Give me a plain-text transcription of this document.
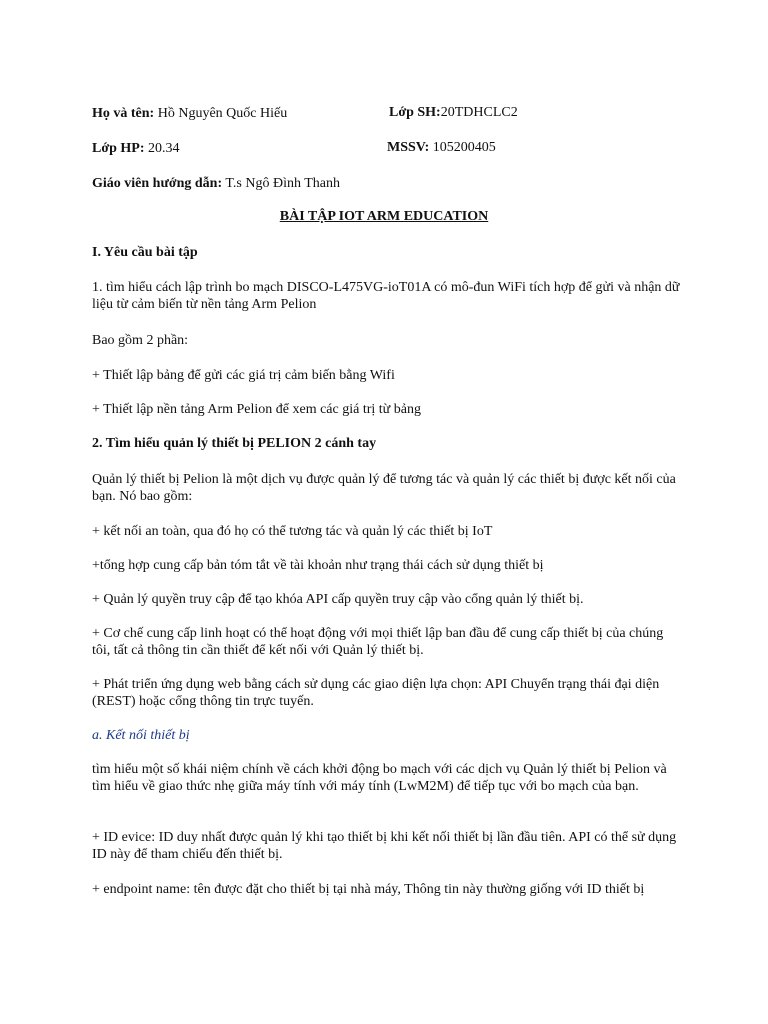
Họ và tên: Hồ Nguyên Quốc Hiếu	Lớp SH:20TDHCLC2
Lớp HP: 20.34	MSSV: 105200405
Giáo viên hướng dẫn: T.s Ngô Đình Thanh
BÀI TẬP IOT ARM EDUCATION
I. Yêu cầu bài tập
1. tìm hiểu cách lập trình bo mạch DISCO-L475VG-ioT01A có mô-đun WiFi tích hợp để gửi và nhận dữ liệu từ cảm biến từ nền tảng Arm Pelion
Bao gồm 2 phần:
+ Thiết lập bảng để gửi các giá trị cảm biến bằng Wifi
+ Thiết lập nền tảng Arm Pelion để xem các giá trị từ bảng
2. Tìm hiểu quản lý thiết bị PELION 2 cánh tay
Quản lý thiết bị Pelion là một dịch vụ được quản lý để tương tác và quản lý các thiết bị được kết nối của bạn. Nó bao gồm:
+ kết nối an toàn, qua đó họ có thể tương tác và quản lý các thiết bị IoT
+tổng hợp cung cấp bản tóm tắt về tài khoản như trạng thái cách sử dụng thiết bị
+ Quản lý quyền truy cập để tạo khóa API cấp quyền truy cập vào cổng quản lý thiết bị.
+ Cơ chế cung cấp linh hoạt có thể hoạt động với mọi thiết lập ban đầu để cung cấp thiết bị của chúng tôi, tất cả thông tin cần thiết để kết nối với Quản lý thiết bị.
+ Phát triển ứng dụng web bằng cách sử dụng các giao diện lựa chọn: API Chuyển trạng thái đại diện (REST) hoặc cổng thông tin trực tuyến.
a. Kết nối thiết bị
tìm hiểu một số khái niệm chính về cách khởi động bo mạch với các dịch vụ Quản lý thiết bị Pelion và tìm hiểu về giao thức nhẹ giữa máy tính với máy tính (LwM2M) để tiếp tục với bo mạch của bạn.
+ ID evice: ID duy nhất được quản lý khi tạo thiết bị khi kết nối thiết bị lần đầu tiên. API có thể sử dụng ID này để tham chiếu đến thiết bị.
+ endpoint name: tên được đặt cho thiết bị tại nhà máy, Thông tin này thường giống với ID thiết bị
